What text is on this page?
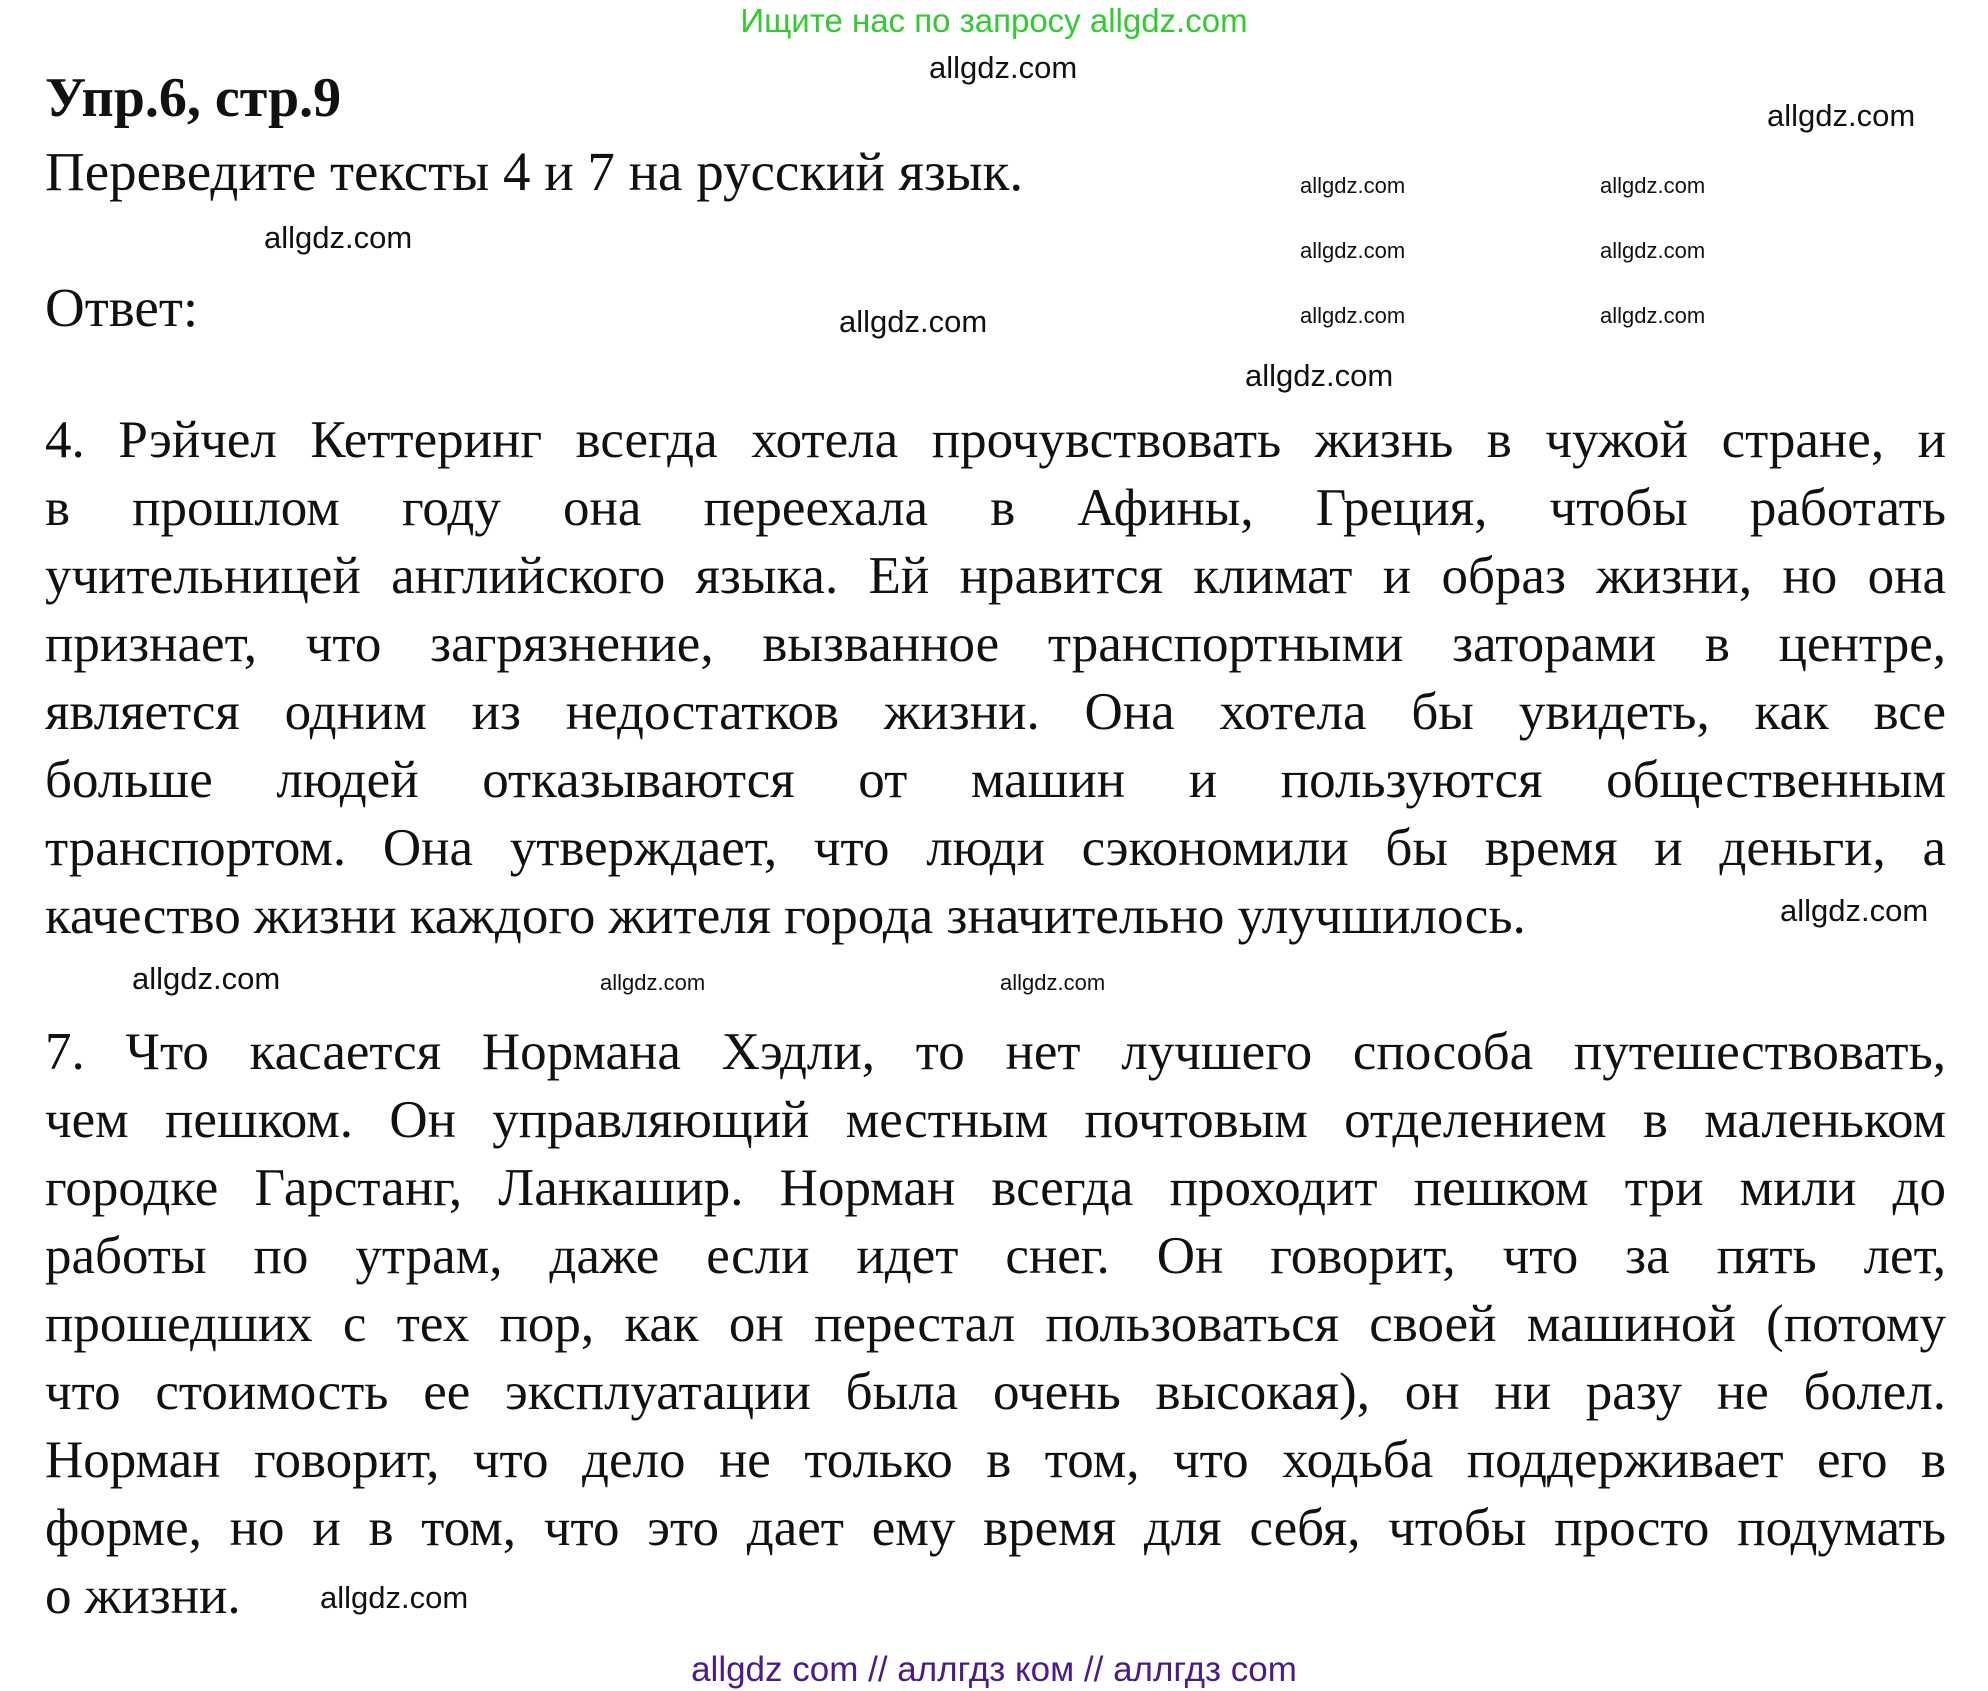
Ищите нас по запросу allgdz.com
Упр.6, стр.9
Переведите тексты 4 и 7 на русский язык.
Ответ:
4. Рэйчел Кеттеринг всегда хотела прочувствовать жизнь в чужой стране, и
в прошлом году она переехала в Афины, Греция, чтобы работать
учительницей английского языка. Ей нравится климат и образ жизни, но она
признает, что загрязнение, вызванное транспортными заторами в центре,
является одним из недостатков жизни. Она хотела бы увидеть, как все
больше людей отказываются от машин и пользуются общественным
транспортом. Она утверждает, что люди сэкономили бы время и деньги, а
качество жизни каждого жителя города значительно улучшилось.
7. Что касается Нормана Хэдли, то нет лучшего способа путешествовать,
чем пешком. Он управляющий местным почтовым отделением в маленьком
городке Гарстанг, Ланкашир. Норман всегда проходит пешком три мили до
работы по утрам, даже если идет снег. Он говорит, что за пять лет,
прошедших с тех пор, как он перестал пользоваться своей машиной (потому
что стоимость ее эксплуатации была очень высокая), он ни разу не болел.
Норман говорит, что дело не только в том, что ходьба поддерживает его в
форме, но и в том, что это дает ему время для себя, чтобы просто подумать
о жизни.
allgdz.com
allgdz.com
allgdz.com
allgdz.com
allgdz.com
allgdz.com	allgdz.com
allgdz.com
allgdz.com
allgdz.com
allgdz.com
allgdz.com	allgdz.com
allgdz.com	allgdz.com
allgdz.com
allgdz com // аллгдз ком // аллгдз com
